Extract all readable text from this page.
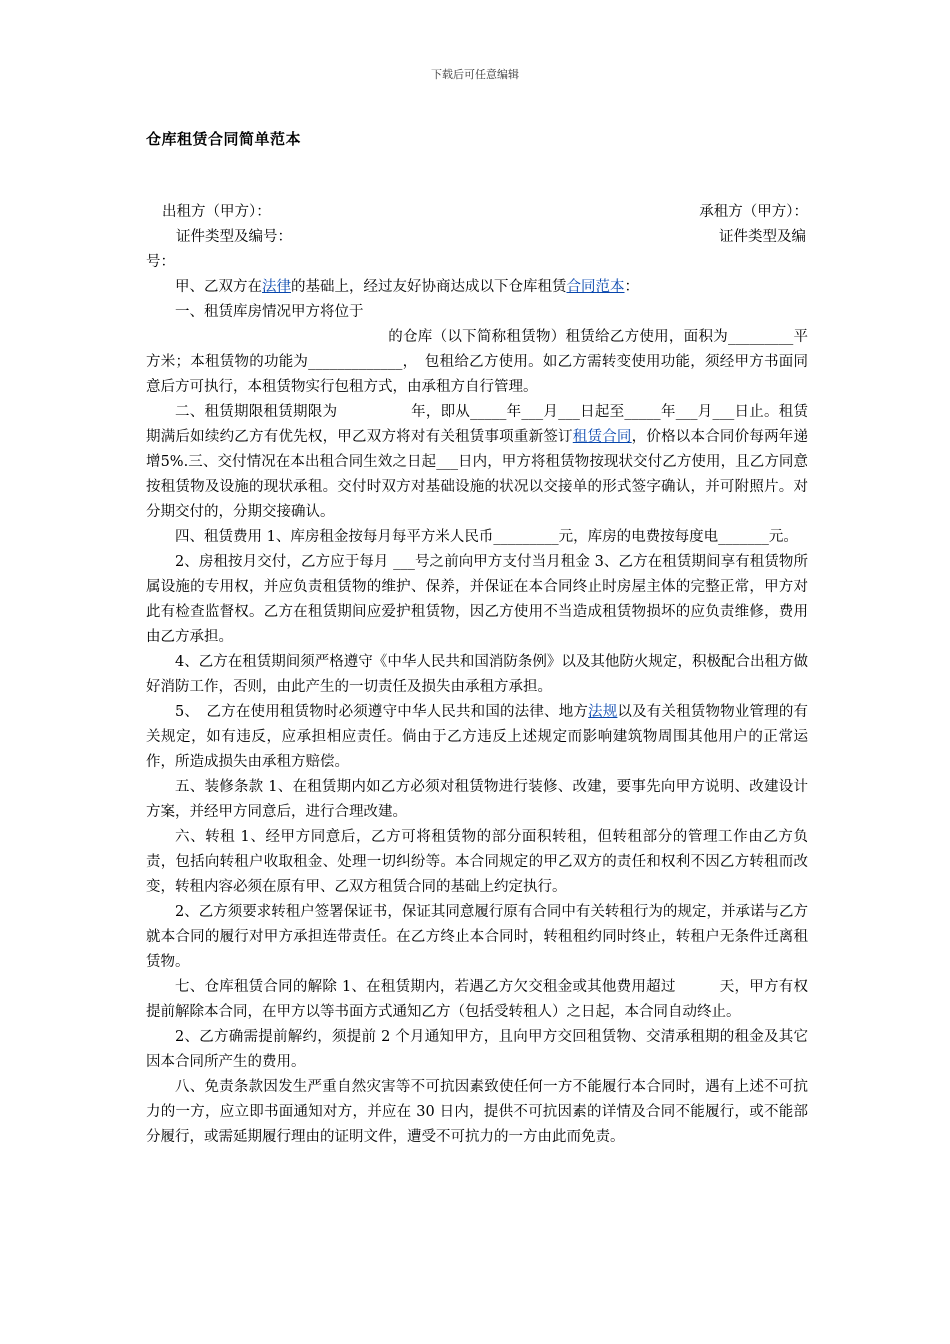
下载后可任意编辑
仓库租赁合同简单范本
出租方（甲方）：	承租方（甲方）：
证件类型及编号：	证件类型及编

号：

甲、乙双方在法律的基础上，经过友好协商达成以下仓库租赁合同范本：

一、租赁库房情况甲方将位于

的仓库（以下简称租赁物）租赁给乙方使用，面积为_________平方米；本租赁物的功能为_____________，　包租给乙方使用。如乙方需转变使用功能，须经甲方书面同意后方可执行，本租赁物实行包租方式，由承租方自行管理。

二、租赁期限租赁期限为　　　　　年，即从_____年___月___日起至_____年___月___日止。租赁期满后如续约乙方有优先权，甲乙双方将对有关租赁事项重新签订租赁合同，价格以本合同价每两年递增5%.三、交付情况在本出租合同生效之日起___日内，甲方将租赁物按现状交付乙方使用，且乙方同意按租赁物及设施的现状承租。交付时双方对基础设施的状况以交接单的形式签字确认，并可附照片。对分期交付的，分期交接确认。

四、租赁费用 1、库房租金按每月每平方米人民币_________元，库房的电费按每度电_______元。

2、房租按月交付，乙方应于每月 ___号之前向甲方支付当月租金 3、乙方在租赁期间享有租赁物所属设施的专用权，并应负责租赁物的维护、保养，并保证在本合同终止时房屋主体的完整正常，甲方对此有检查监督权。乙方在租赁期间应爱护租赁物，因乙方使用不当造成租赁物损坏的应负责维修，费用由乙方承担。

4、乙方在租赁期间须严格遵守《中华人民共和国消防条例》以及其他防火规定，积极配合出租方做好消防工作，否则，由此产生的一切责任及损失由承租方承担。

5、　乙方在使用租赁物时必须遵守中华人民共和国的法律、地方法规以及有关租赁物物业管理的有关规定，如有违反，应承担相应责任。倘由于乙方违反上述规定而影响建筑物周围其他用户的正常运作，所造成损失由承租方赔偿。

五、装修条款 1、在租赁期内如乙方必须对租赁物进行装修、改建，要事先向甲方说明、改建设计方案，并经甲方同意后，进行合理改建。

六、转租 1、经甲方同意后，乙方可将租赁物的部分面积转租，但转租部分的管理工作由乙方负责，包括向转租户收取租金、处理一切纠纷等。本合同规定的甲乙双方的责任和权利不因乙方转租而改变，转租内容必须在原有甲、乙双方租赁合同的基础上约定执行。

2、乙方须要求转租户签署保证书，保证其同意履行原有合同中有关转租行为的规定，并承诺与乙方就本合同的履行对甲方承担连带责任。在乙方终止本合同时，转租租约同时终止，转租户无条件迁离租赁物。

七、仓库租赁合同的解除 1、在租赁期内，若遇乙方欠交租金或其他费用超过　　　天，甲方有权提前解除本合同，在甲方以等书面方式通知乙方（包括受转租人）之日起，本合同自动终止。

2、乙方确需提前解约，须提前 2 个月通知甲方，且向甲方交回租赁物、交清承租期的租金及其它因本合同所产生的费用。

八、免责条款因发生严重自然灾害等不可抗因素致使任何一方不能履行本合同时，遇有上述不可抗力的一方，应立即书面通知对方，并应在 30 日内，提供不可抗因素的详情及合同不能履行，或不能部分履行，或需延期履行理由的证明文件，遭受不可抗力的一方由此而免责。
